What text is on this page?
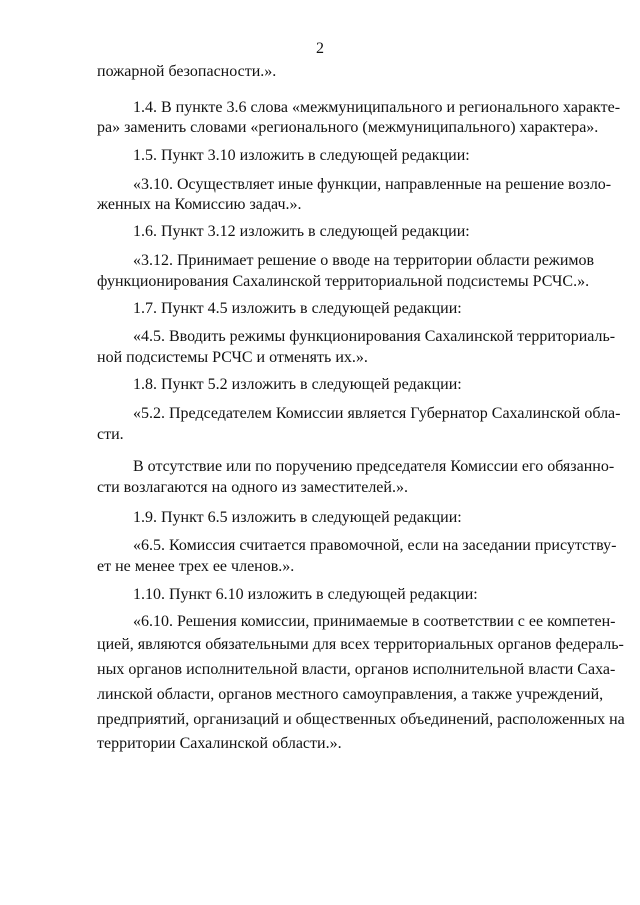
2
пожарной безопасности.».
1.4. В пункте 3.6 слова «межмуниципального и регионального характе-
ра» заменить словами «регионального (межмуниципального) характера».
1.5. Пункт 3.10 изложить в следующей редакции:
«3.10. Осуществляет иные функции, направленные на решение возло-
женных на Комиссию задач.».
1.6. Пункт 3.12 изложить в следующей редакции:
«3.12. Принимает решение о вводе на территории области режимов
функционирования Сахалинской территориальной подсистемы РСЧС.».
1.7. Пункт 4.5 изложить в следующей редакции:
«4.5. Вводить режимы функционирования Сахалинской территориаль-
ной подсистемы РСЧС и отменять их.».
1.8. Пункт 5.2 изложить в следующей редакции:
«5.2. Председателем Комиссии является Губернатор Сахалинской обла-
сти.
В отсутствие или по поручению председателя Комиссии его обязанно-
сти возлагаются на одного из заместителей.».
1.9. Пункт 6.5 изложить в следующей редакции:
«6.5. Комиссия считается правомочной, если на заседании присутству-
ет не менее трех ее членов.».
1.10. Пункт 6.10 изложить в следующей редакции:
«6.10. Решения комиссии, принимаемые в соответствии с ее компетен-
цией, являются обязательными для всех территориальных органов федераль-
ных органов исполнительной власти, органов исполнительной власти Саха-
линской области, органов местного самоуправления, а также учреждений,
предприятий, организаций и общественных объединений, расположенных на
территории Сахалинской области.».
